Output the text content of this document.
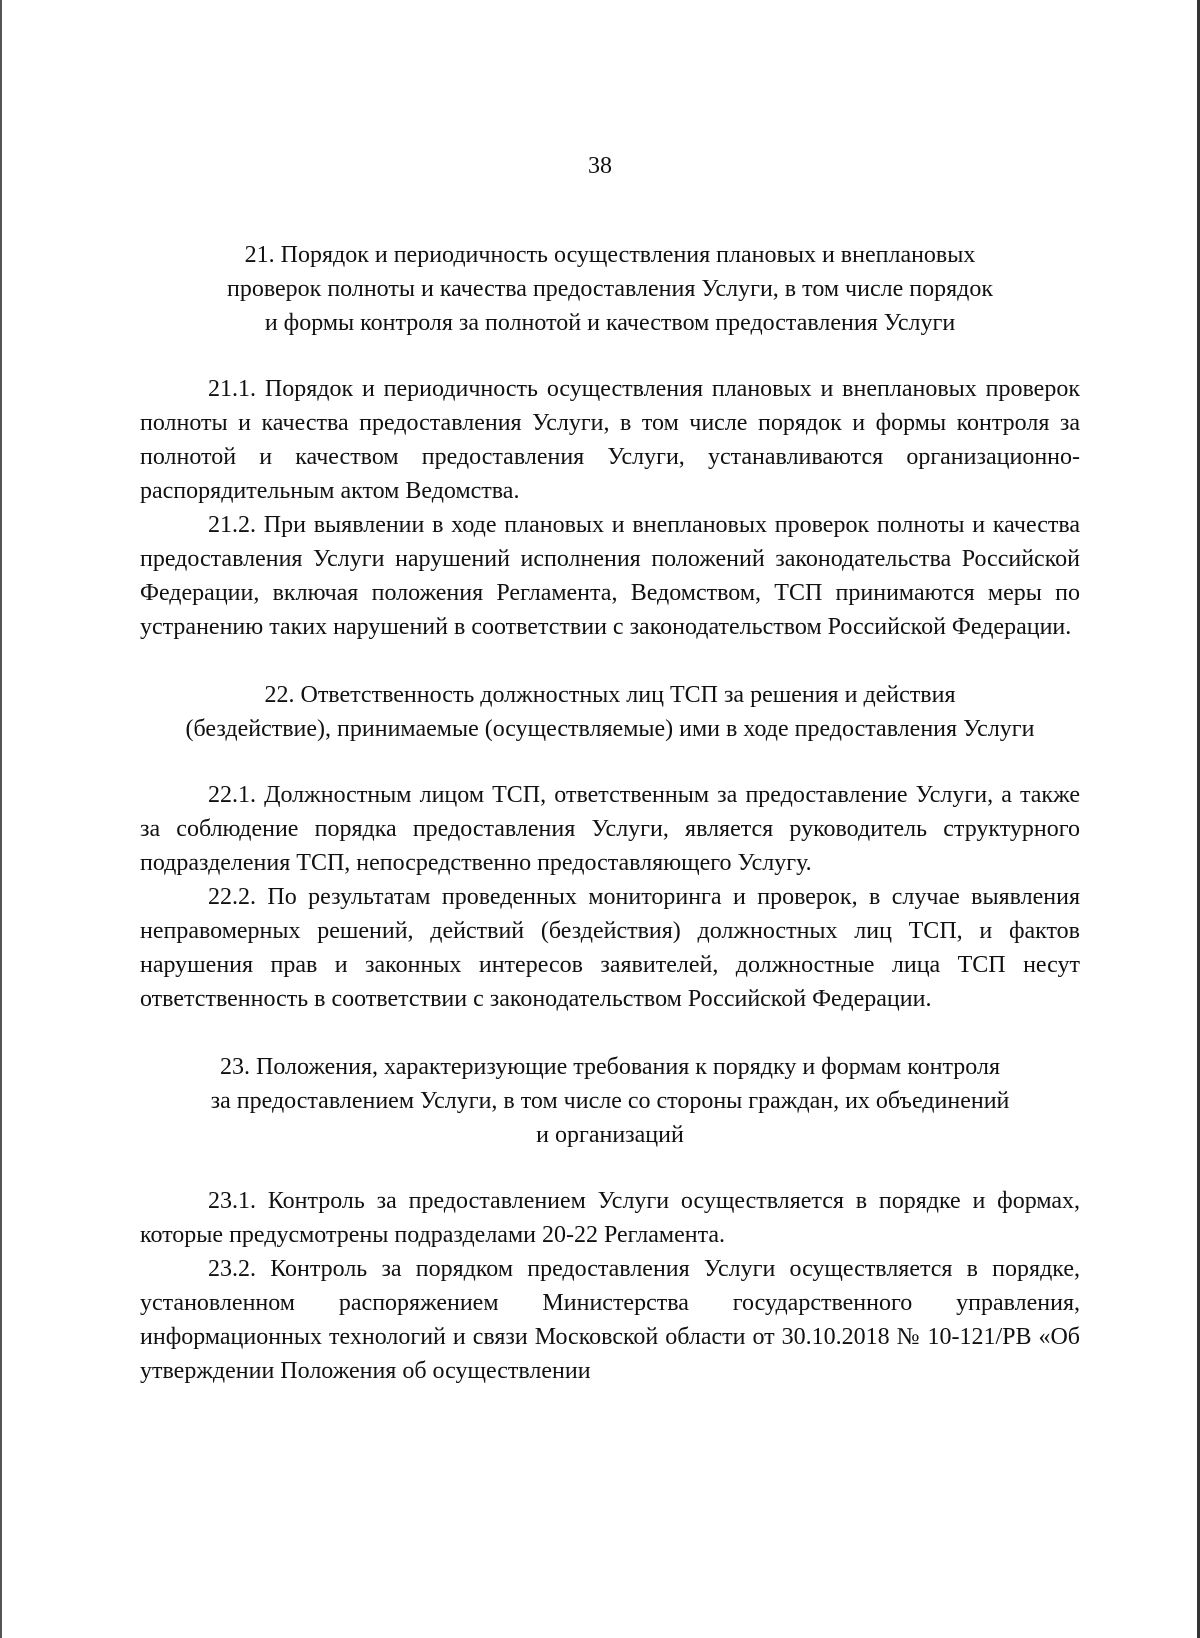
38
21. Порядок и периодичность осуществления плановых и внеплановых
проверок полноты и качества предоставления Услуги, в том числе порядок
и формы контроля за полнотой и качеством предоставления Услуги

21.1. Порядок и периодичность осуществления плановых и внеплановых проверок полноты и качества предоставления Услуги, в том числе порядок и формы контроля за полнотой и качеством предоставления Услуги, устанавливаются организационно-распорядительным актом Ведомства.

21.2. При выявлении в ходе плановых и внеплановых проверок полноты и качества предоставления Услуги нарушений исполнения положений законодательства Российской Федерации, включая положения Регламента, Ведомством, ТСП принимаются меры по устранению таких нарушений в соответствии с законодательством Российской Федерации.

22. Ответственность должностных лиц ТСП за решения и действия
(бездействие), принимаемые (осуществляемые) ими в ходе предоставления Услуги

22.1. Должностным лицом ТСП, ответственным за предоставление Услуги, а также за соблюдение порядка предоставления Услуги, является руководитель структурного подразделения ТСП, непосредственно предоставляющего Услугу.

22.2. По результатам проведенных мониторинга и проверок, в случае выявления неправомерных решений, действий (бездействия) должностных лиц ТСП, и фактов нарушения прав и законных интересов заявителей, должностные лица ТСП несут ответственность в соответствии с законодательством Российской Федерации.

23. Положения, характеризующие требования к порядку и формам контроля
за предоставлением Услуги, в том числе со стороны граждан, их объединений
и организаций

23.1. Контроль за предоставлением Услуги осуществляется в порядке и формах, которые предусмотрены подразделами 20-22 Регламента.

23.2. Контроль за порядком предоставления Услуги осуществляется в порядке, установленном распоряжением Министерства государственного управления, информационных технологий и связи Московской области от 30.10.2018 № 10-121/РВ «Об утверждении Положения об осуществлении
